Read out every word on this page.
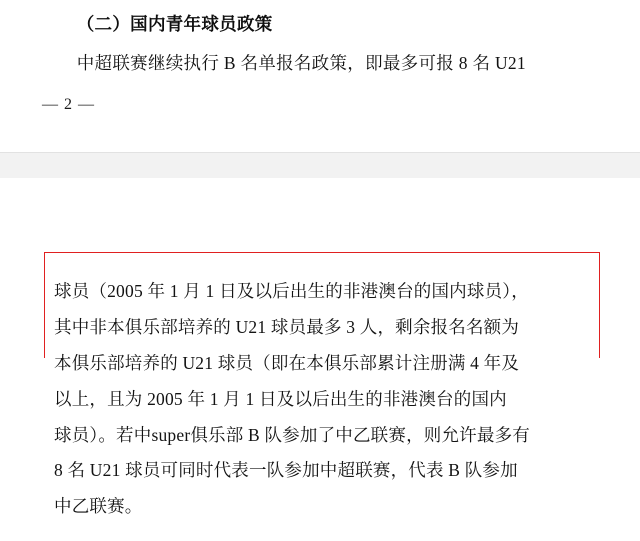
（二）国内青年球员政策

中超联赛继续执行 B 名单报名政策，即最多可报 8 名 U21

— 2 —

球员（2005 年 1 月 1 日及以后出生的非港澳台的国内球员），
其中非本俱乐部培养的 U21 球员最多 3 人，剩余报名名额为
本俱乐部培养的 U21 球员（即在本俱乐部累计注册满 4 年及
以上，且为 2005 年 1 月 1 日及以后出生的非港澳台的国内
球员）。若中super俱乐部 B 队参加了中乙联赛，则允许最多有
8 名 U21 球员可同时代表一队参加中超联赛，代表 B 队参加
中乙联赛。
